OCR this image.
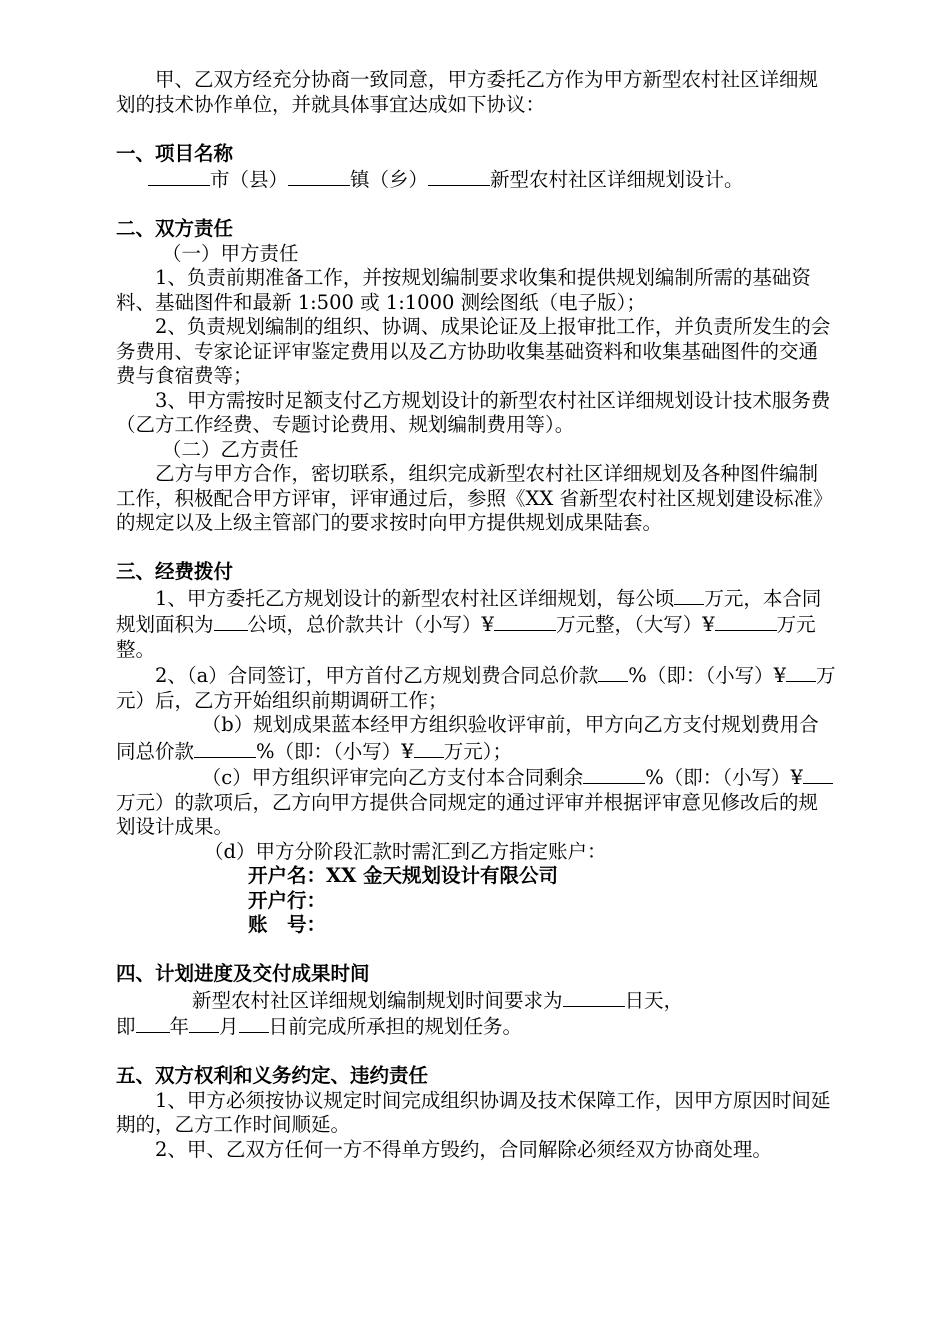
甲、乙双方经充分协商一致同意，甲方委托乙方作为甲方新型农村社区详细规划的技术协作单位，并就具体事宜达成如下协议：

一、项目名称

市（县）	镇（乡）	新型农村社区详细规划设计。

二、双方责任

（一）甲方责任

1、负责前期准备工作，并按规划编制要求收集和提供规划编制所需的基础资料、基础图件和最新 1:500 或 1:1000 测绘图纸（电子版）；

2、负责规划编制的组织、协调、成果论证及上报审批工作，并负责所发生的会务费用、专家论证评审鉴定费用以及乙方协助收集基础资料和收集基础图件的交通费与食宿费等；

3、甲方需按时足额支付乙方规划设计的新型农村社区详细规划设计技术服务费（乙方工作经费、专题讨论费用、规划编制费用等）。

（二）乙方责任

乙方与甲方合作，密切联系，组织完成新型农村社区详细规划及各种图件编制工作，积极配合甲方评审，评审通过后，参照《XX 省新型农村社区规划建设标准》的规定以及上级主管部门的要求按时向甲方提供规划成果陆套。

三、经费拨付

1、甲方委托乙方规划设计的新型农村社区详细规划，每公顷 万元，本合同规划面积为 公顷，总价款共计（小写）¥	万元整，（大写）¥	万元整。

2、（a）合同签订，甲方首付乙方规划费合同总价款 %（即：（小写）¥ 万元）后，乙方开始组织前期调研工作；

（b）规划成果蓝本经甲方组织验收评审前，甲方向乙方支付规划费用合同总价款	%（即：（小写）¥ 万元）；

（c）甲方组织评审完向乙方支付本合同剩余	%（即：（小写）¥万元）的款项后，乙方向甲方提供合同规定的通过评审并根据评审意见修改后的规划设计成果。

（d）甲方分阶段汇款时需汇到乙方指定账户：

开户名：XX 金天规划设计有限公司

开户行：

账　号：

四、计划进度及交付成果时间

新型农村社区详细规划编制规划时间要求为	日天，
即 年 月 日前完成所承担的规划任务。

五、双方权利和义务约定、违约责任

1、甲方必须按协议规定时间完成组织协调及技术保障工作，因甲方原因时间延期的，乙方工作时间顺延。

2、甲、乙双方任何一方不得单方毁约，合同解除必须经双方协商处理。
